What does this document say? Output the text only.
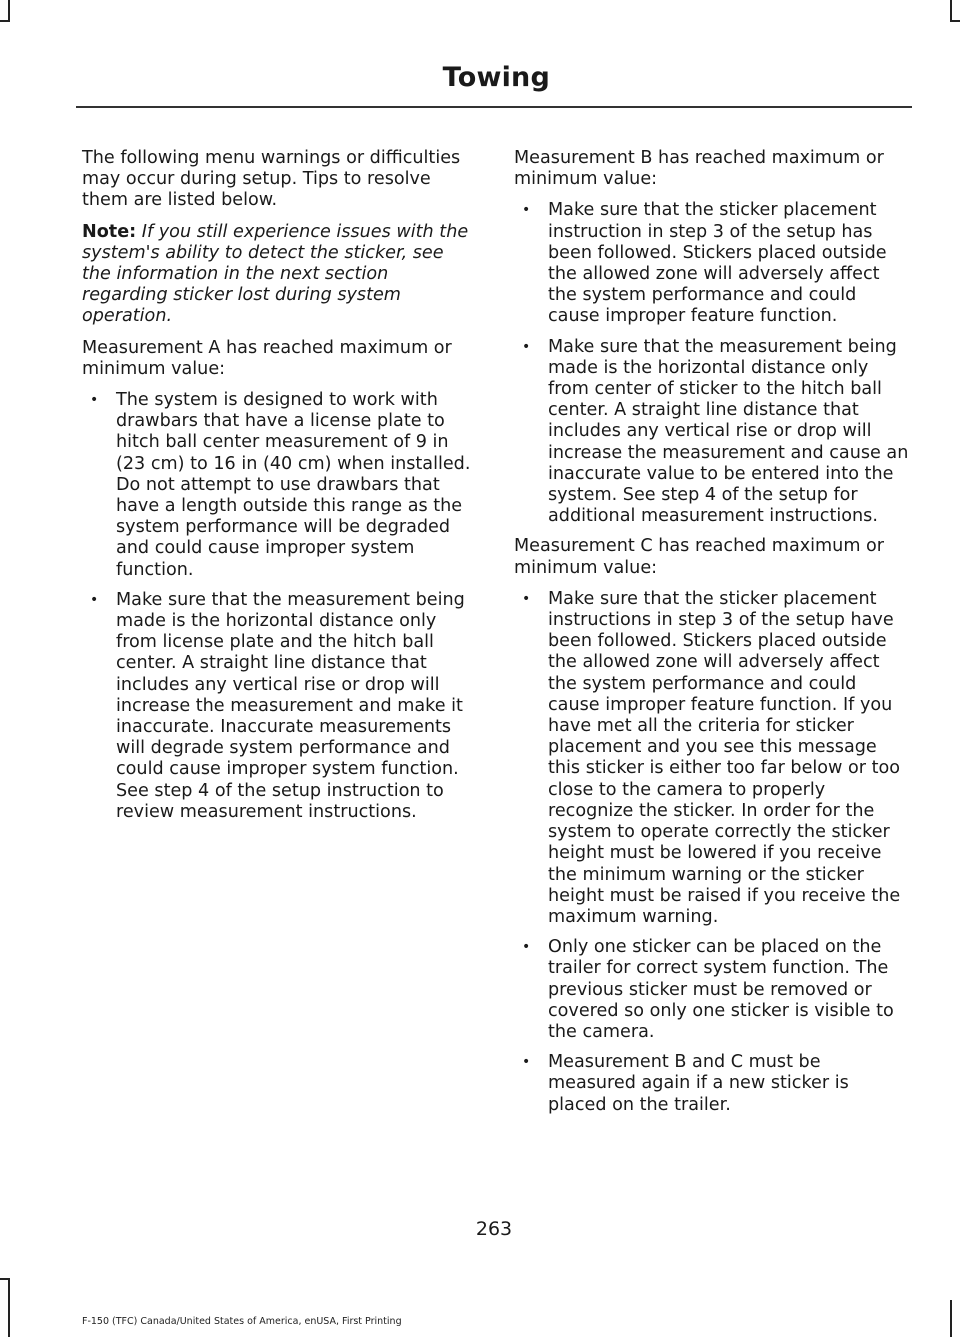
Towing

The following menu warnings or difficulties may occur during setup. Tips to resolve them are listed below.

Note: If you still experience issues with the system's ability to detect the sticker, see the information in the next section regarding sticker lost during system operation.

Measurement A has reached maximum or minimum value:

• The system is designed to work with drawbars that have a license plate to hitch ball center measurement of 9 in (23 cm) to 16 in (40 cm) when installed. Do not attempt to use drawbars that have a length outside this range as the system performance will be degraded and could cause improper system function.
• Make sure that the measurement being made is the horizontal distance only from license plate and the hitch ball center. A straight line distance that includes any vertical rise or drop will increase the measurement and make it inaccurate. Inaccurate measurements will degrade system performance and could cause improper system function. See step 4 of the setup instruction to review measurement instructions.

Measurement B has reached maximum or minimum value:

• Make sure that the sticker placement instruction in step 3 of the setup has been followed. Stickers placed outside the allowed zone will adversely affect the system performance and could cause improper feature function.
• Make sure that the measurement being made is the horizontal distance only from center of sticker to the hitch ball center. A straight line distance that includes any vertical rise or drop will increase the measurement and cause an inaccurate value to be entered into the system. See step 4 of the setup for additional measurement instructions.

Measurement C has reached maximum or minimum value:

• Make sure that the sticker placement instructions in step 3 of the setup have been followed. Stickers placed outside the allowed zone will adversely affect the system performance and could cause improper feature function. If you have met all the criteria for sticker placement and you see this message this sticker is either too far below or too close to the camera to properly recognize the sticker. In order for the system to operate correctly the sticker height must be lowered if you receive the minimum warning or the sticker height must be raised if you receive the maximum warning.
• Only one sticker can be placed on the trailer for correct system function. The previous sticker must be removed or covered so only one sticker is visible to the camera.
• Measurement B and C must be measured again if a new sticker is placed on the trailer.
263
F-150 (TFC) Canada/United States of America, enUSA, First Printing
